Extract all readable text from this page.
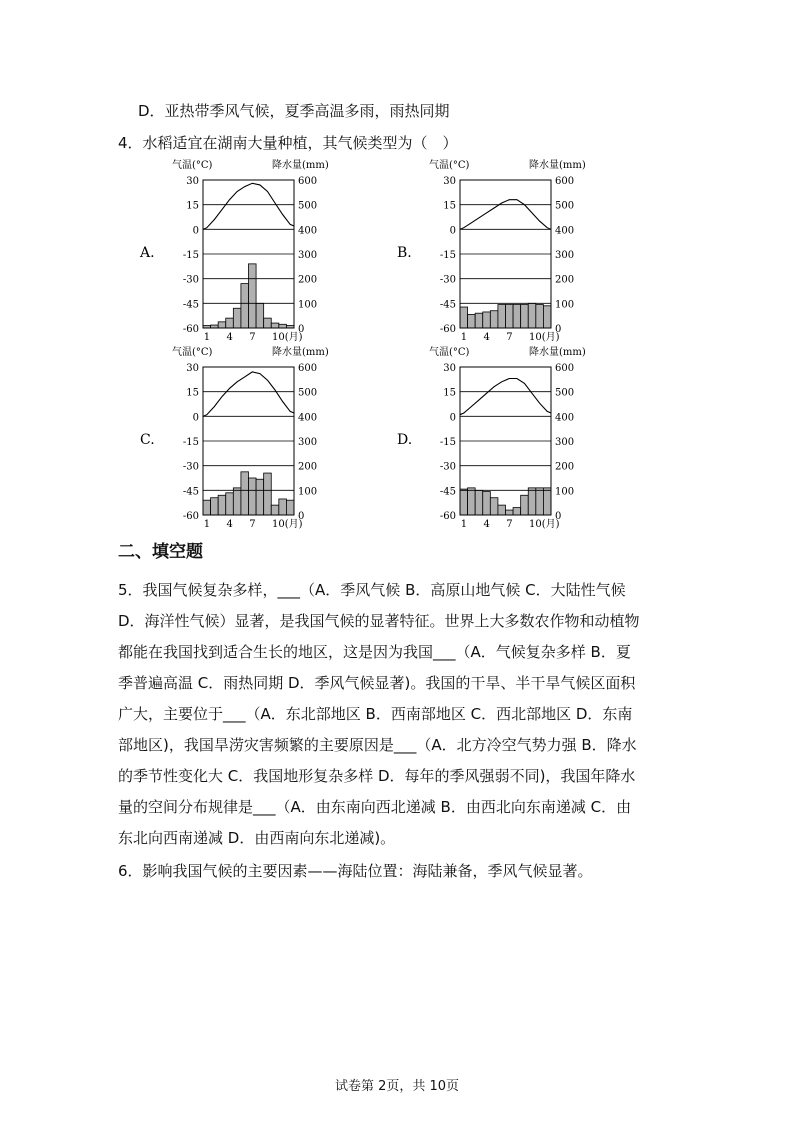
D．亚热带季风气候，夏季高温多雨，雨热同期
4．水稻适宜在湖南大量种植，其气候类型为（　）
A.
气温(°C)	降水量(mm)
30	600
15	500
0	400
-15	300
-30	200
-45	100
-60	0
1 4 7 10(月)
B.
气温(°C)	降水量(mm)
30	600
15	500
0	400
-15	300
-30	200
-45	100
-60	0
1 4 7 10(月)
C.
气温(°C)	降水量(mm)
30	600
15	500
0	400
-15	300
-30	200
-45	100
-60	0
1 4 7 10(月)
D.
气温(°C)	降水量(mm)
30	600
15	500
0	400
-15	300
-30	200
-45	100
-60	0
1 4 7 10(月)
二、填空题

5．我国气候复杂多样，___（A．季风气候 B．高原山地气候 C．大陆性气候

D．海洋性气候）显著，是我国气候的显著特征。世界上大多数农作物和动植物

都能在我国找到适合生长的地区，这是因为我国___（A．气候复杂多样 B．夏

季普遍高温 C．雨热同期 D．季风气候显著)。我国的干旱、半干旱气候区面积

广大，主要位于___（A．东北部地区 B．西南部地区 C．西北部地区 D．东南

部地区)，我国旱涝灾害频繁的主要原因是___（A．北方冷空气势力强 B．降水

的季节性变化大 C．我国地形复杂多样 D．每年的季风强弱不同)，我国年降水

量的空间分布规律是___（A．由东南向西北递减 B．由西北向东南递减 C．由

东北向西南递减 D．由西南向东北递减)。

6．影响我国气候的主要因素——海陆位置：海陆兼备，季风气候显著。
试卷第 2页，共 10页
